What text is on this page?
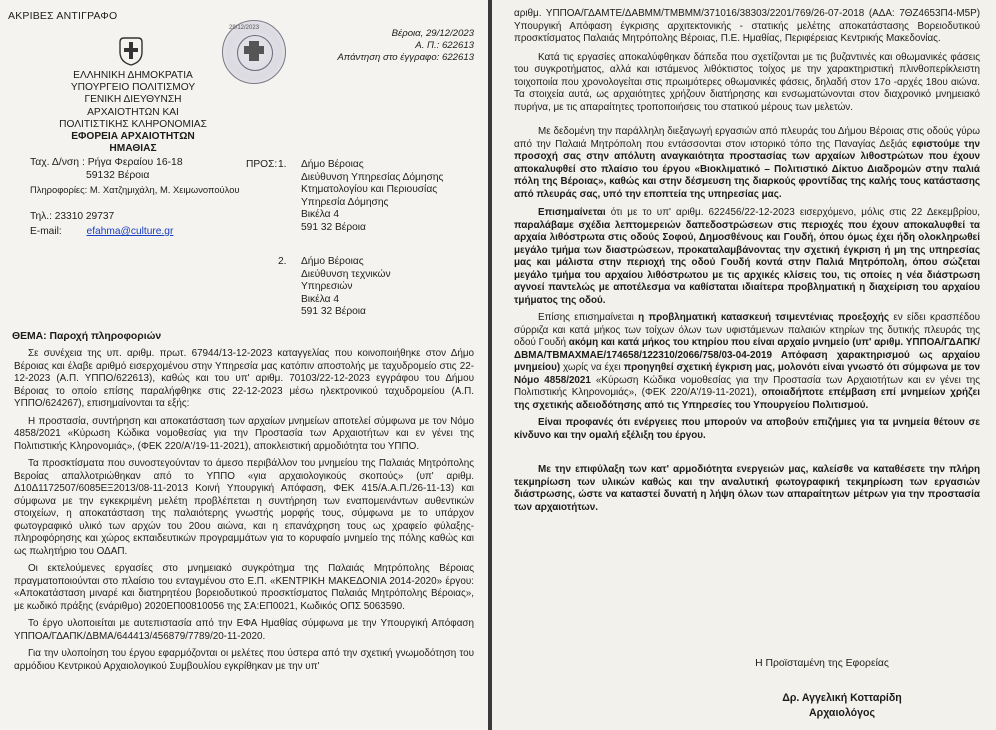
ΑΚΡΙΒΕΣ ΑΝΤΙΓΡΑΦΟ
ΕΛΛΗΝΙΚΗ ΔΗΜΟΚΡΑΤΙΑ
ΥΠΟΥΡΓΕΙΟ ΠΟΛΙΤΙΣΜΟΥ
ΓΕΝΙΚΗ ΔΙΕΥΘΥΝΣΗ ΑΡΧΑΙΟΤΗΤΩΝ ΚΑΙ
ΠΟΛΙΤΙΣΤΙΚΗΣ ΚΛΗΡΟΝΟΜΙΑΣ
ΕΦΟΡΕΙΑ ΑΡΧΑΙΟΤΗΤΩΝ ΗΜΑΘΙΑΣ
29/12/2023	Βέροια, 29/12/2023
Α. Π.: 622613
Απάντηση στο έγγραφο: 622613
Ταχ. Δ/νση : Ρήγα Φεραίου 16-18
59132 Βέροια
Πληροφορίες: Μ. Χατζημιχάλη, Μ. Χειμωνοπούλου
Τηλ.: 23310 29737
E-mail: efahma@culture.gr
ΠΡΟΣ: 1. Δήμο Βέροιας
Διεύθυνση Υπηρεσίας Δόμησης
Κτηματολογίου και Περιουσίας
Υπηρεσία Δόμησης
Βικέλα 4
591 32 Βέροια
2. Δήμο Βέροιας
Διεύθυνση τεχνικών
Υπηρεσιών
Βικέλα 4
591 32 Βέροια
ΘΕΜΑ: Παροχή πληροφοριών

Σε συνέχεια της υπ. αριθμ. πρωτ. 67944/13-12-2023 καταγγελίας που κοινοποιήθηκε στον Δήμο Βέροιας και έλαβε αριθμό εισερχομένου στην Υπηρεσία μας κατόπιν αποστολής με ταχυδρομείο στις 22-12-2023 (Α.Π. ΥΠΠΟ/622613), καθώς και του υπ' αριθμ. 70103/22-12-2023 εγγράφου του Δήμου Βέροιας το οποίο επίσης παραλήφθηκε στις 22-12-2023 μέσω ηλεκτρονικού ταχυδρομείου (Α.Π. ΥΠΠΟ/624267), επισημαίνονται τα εξής:

Η προστασία, συντήρηση και αποκατάσταση των αρχαίων μνημείων αποτελεί σύμφωνα με τον Νόμο 4858/2021 «Κύρωση Κώδικα νομοθεσίας για την Προστασία των Αρχαιοτήτων και εν γένει της Πολιτιστικής Κληρονομιάς», (ΦΕΚ 220/Α'/19-11-2021), αποκλειστική αρμοδιότητα του ΥΠΠΟ.

Τα προσκτίσματα που συνοστεγούνταν το άμεσο περιβάλλον του μνημείου της Παλαιάς Μητρόπολης Βεροίας απαλλοτριώθηκαν από το ΥΠΠΟ «για αρχαιολογικούς σκοπούς» (υπ' αριθμ. Δ10Δ1172507/6085ΕΞ2013/08-11-2013 Κοινή Υπουργική Απόφαση, ΦΕΚ 415/Α.Α.Π./26-11-13) και σύμφωνα με την εγκεκριμένη μελέτη προβλέπεται η συντήρηση των εναπομεινάντων αυθεντικών στοιχείων, η αποκατάσταση της παλαιότερης γνωστής μορφής τους, σύμφωνα με το υπάρχον φωτογραφικό υλικό των αρχών του 20ου αιώνα, και η επανάχρηση τους ως χραφείο φύλαξης-πληροφόρησης και χώρος εκπαιδευτικών προγραμμάτων για το κορυφαίο μνημείο της πόλης καθώς και ως πωλητήριο του ΟΔΑΠ.

Οι εκτελούμενες εργασίες στο μνημειακό συγκρότημα της Παλαιάς Μητρόπολης Βέροιας πραγματοποιούνται στο πλαίσιο του ενταγμένου στο Ε.Π. «ΚΕΝΤΡΙΚΗ ΜΑΚΕΔΟΝΙΑ 2014-2020» έργου: «Αποκατάσταση μιναρέ και διατηρητέου βορειοδυτικού προσκτίσματος Παλαιάς Μητρόπολης Βέροιας», με κωδικό πράξης (ενάριθμο) 2020ΕΠ00810056 της ΣΑ:ΕΠ0021, Κωδικός ΟΠΣ 5063590.

Το έργο υλοποιείται με αυτεπιστασία από την ΕΦΑ Ημαθίας σύμφωνα με την Υπουργική Απόφαση ΥΠΠΟΑ/ΓΔΑΠΚ/ΔΒΜΑ/644413/456879/7789/20-11-2020.

Για την υλοποίηση του έργου εφαρμόζονται οι μελέτες που ύστερα από την σχετική γνωμοδότηση του αρμόδιου Κεντρικού Αρχαιολογικού Συμβουλίου εγκρίθηκαν με την υπ'

αριθμ. ΥΠΠΟΑ/ΓΔΑΜΤΕ/ΔΑΒΜΜ/ΤΜΒΜΜ/371016/38303/2201/769/26-07-2018 (ΑΔΑ: 7ΘΖ4653Π4-Μ5Ρ) Υπουργική Απόφαση έγκρισης αρχιτεκτονικής - στατικής μελέτης αποκατάστασης Βορειοδυτικού προσκτίσματος Παλαιάς Μητρόπολης Βέροιας, Π.Ε. Ημαθίας, Περιφέρειας Κεντρικής Μακεδονίας.

Κατά τις εργασίες αποκαλύφθηκαν δάπεδα που σχετίζονται με τις βυζαντινές και οθωμανικές φάσεις του συγκροτήματος, αλλά και ιστάμενος λιθόκτιστος τοίχος με την χαρακτηριστική πλινθοπερίκλειστη τοιχοποιία που χρονολογείται στις πρωιμότερες οθωμανικές φάσεις, δηλαδή στον 17ο -αρχές 18ου αιώνα. Τα στοιχεία αυτά, ως αρχαιότητες χρήζουν διατήρησης και ενσωματώνονται στον διαχρονικό μνημειακό πυρήνα, με τις απαραίτητες τροποποιήσεις του στατικού μέρους των μελετών.

Με δεδομένη την παράλληλη διεξαγωγή εργασιών από πλευράς του Δήμου Βέροιας στις οδούς γύρω από την Παλαιά Μητρόπολη που εντάσσονται στον ιστορικό τόπο της Παναγίας Δεξιάς εφιστούμε την προσοχή σας στην απόλυτη αναγκαιότητα προστασίας των αρχαίων λιθοστρώτων που έχουν αποκαλυφθεί στο πλαίσιο του έργου «Βιοκλιματικό – Πολιτιστικό Δίκτυο Διαδρομών στην παλιά πόλη της Βέροιας», καθώς και στην δέσμευση της διαρκούς φροντίδας της καλής τους κατάστασης από πλευράς σας, υπό την εποπτεία της υπηρεσίας μας.

Επισημαίνεται ότι με το υπ' αριθμ. 622456/22-12-2023 εισερχόμενο, μόλις στις 22 Δεκεμβρίου, παραλάβαμε σχέδια λεπτομερειών δαπεδοστρώσεων στις περιοχές που έχουν αποκαλυφθεί τα αρχαία λιθόστρωτα στις οδούς Σοφού, Δημοσθένους και Γουδή, όπου όμως έχει ήδη ολοκληρωθεί μεγάλο τμήμα των διαστρώσεων, προκαταλαμβάνοντας την σχετική έγκριση ή μη της υπηρεσίας μας και μάλιστα στην περιοχή της οδού Γουδή κοντά στην Παλιά Μητρόπολη, όπου σώζεται μεγάλο τμήμα του αρχαίου λιθόστρωτου με τις αρχικές κλίσεις του, τις οποίες η νέα διάστρωση αγνοεί παντελώς με αποτέλεσμα να καθίσταται ιδιαίτερα προβληματική η διαχείριση του αρχαίου τμήματος της οδού.

Επίσης επισημαίνεται η προβληματική κατασκευή τσιμεντένιας προεξοχής εν είδει κρασπέδου σύρριζα και κατά μήκος των τοίχων όλων των υφιστάμενων παλαιών κτηρίων της δυτικής πλευράς της οδού Γουδή ακόμη και κατά μήκος του κτηρίου που είναι αρχαίο μνημείο (υπ' αριθμ. ΥΠΠΟΑ/ΓΔΑΠΚ/ΔΒΜΑ/ΤΒΜΑΧΜΑΕ/174658/122310/2066/758/03-04-2019 Απόφαση χαρακτηρισμού ως αρχαίου μνημείου) χωρίς να έχει προηγηθεί σχετική έγκριση μας, μολονότι είναι γνωστό ότι σύμφωνα με τον Νόμο 4858/2021 «Κύρωση Κώδικα νομοθεσίας για την Προστασία των Αρχαιοτήτων και εν γένει της Πολιτιστικής Κληρονομιάς», (ΦΕΚ 220/Α'/19-11-2021), οποιαδήποτε επέμβαση επί μνημείων χρήζει της σχετικής αδειοδότησης από τις Υπηρεσίες του Υπουργείου Πολιτισμού.

Είναι προφανές ότι ενέργειες που μπορούν να αποβούν επιζήμιες για τα μνημεία θέτουν σε κίνδυνο και την ομαλή εξέλιξη του έργου.

Με την επιφύλαξη των κατ' αρμοδιότητα ενεργειών μας, καλείσθε να καταθέσετε την πλήρη τεκμηρίωση των υλικών καθώς και την αναλυτική φωτογραφική τεκμηρίωση των εργασιών διάστρωσης, ώστε να καταστεί δυνατή η λήψη όλων των απαραίτητων μέτρων για την προστασία των αρχαιοτήτων.

Η Προϊσταμένη της Εφορείας
Δρ. Αγγελική Κοτταρίδη
Αρχαιολόγος
